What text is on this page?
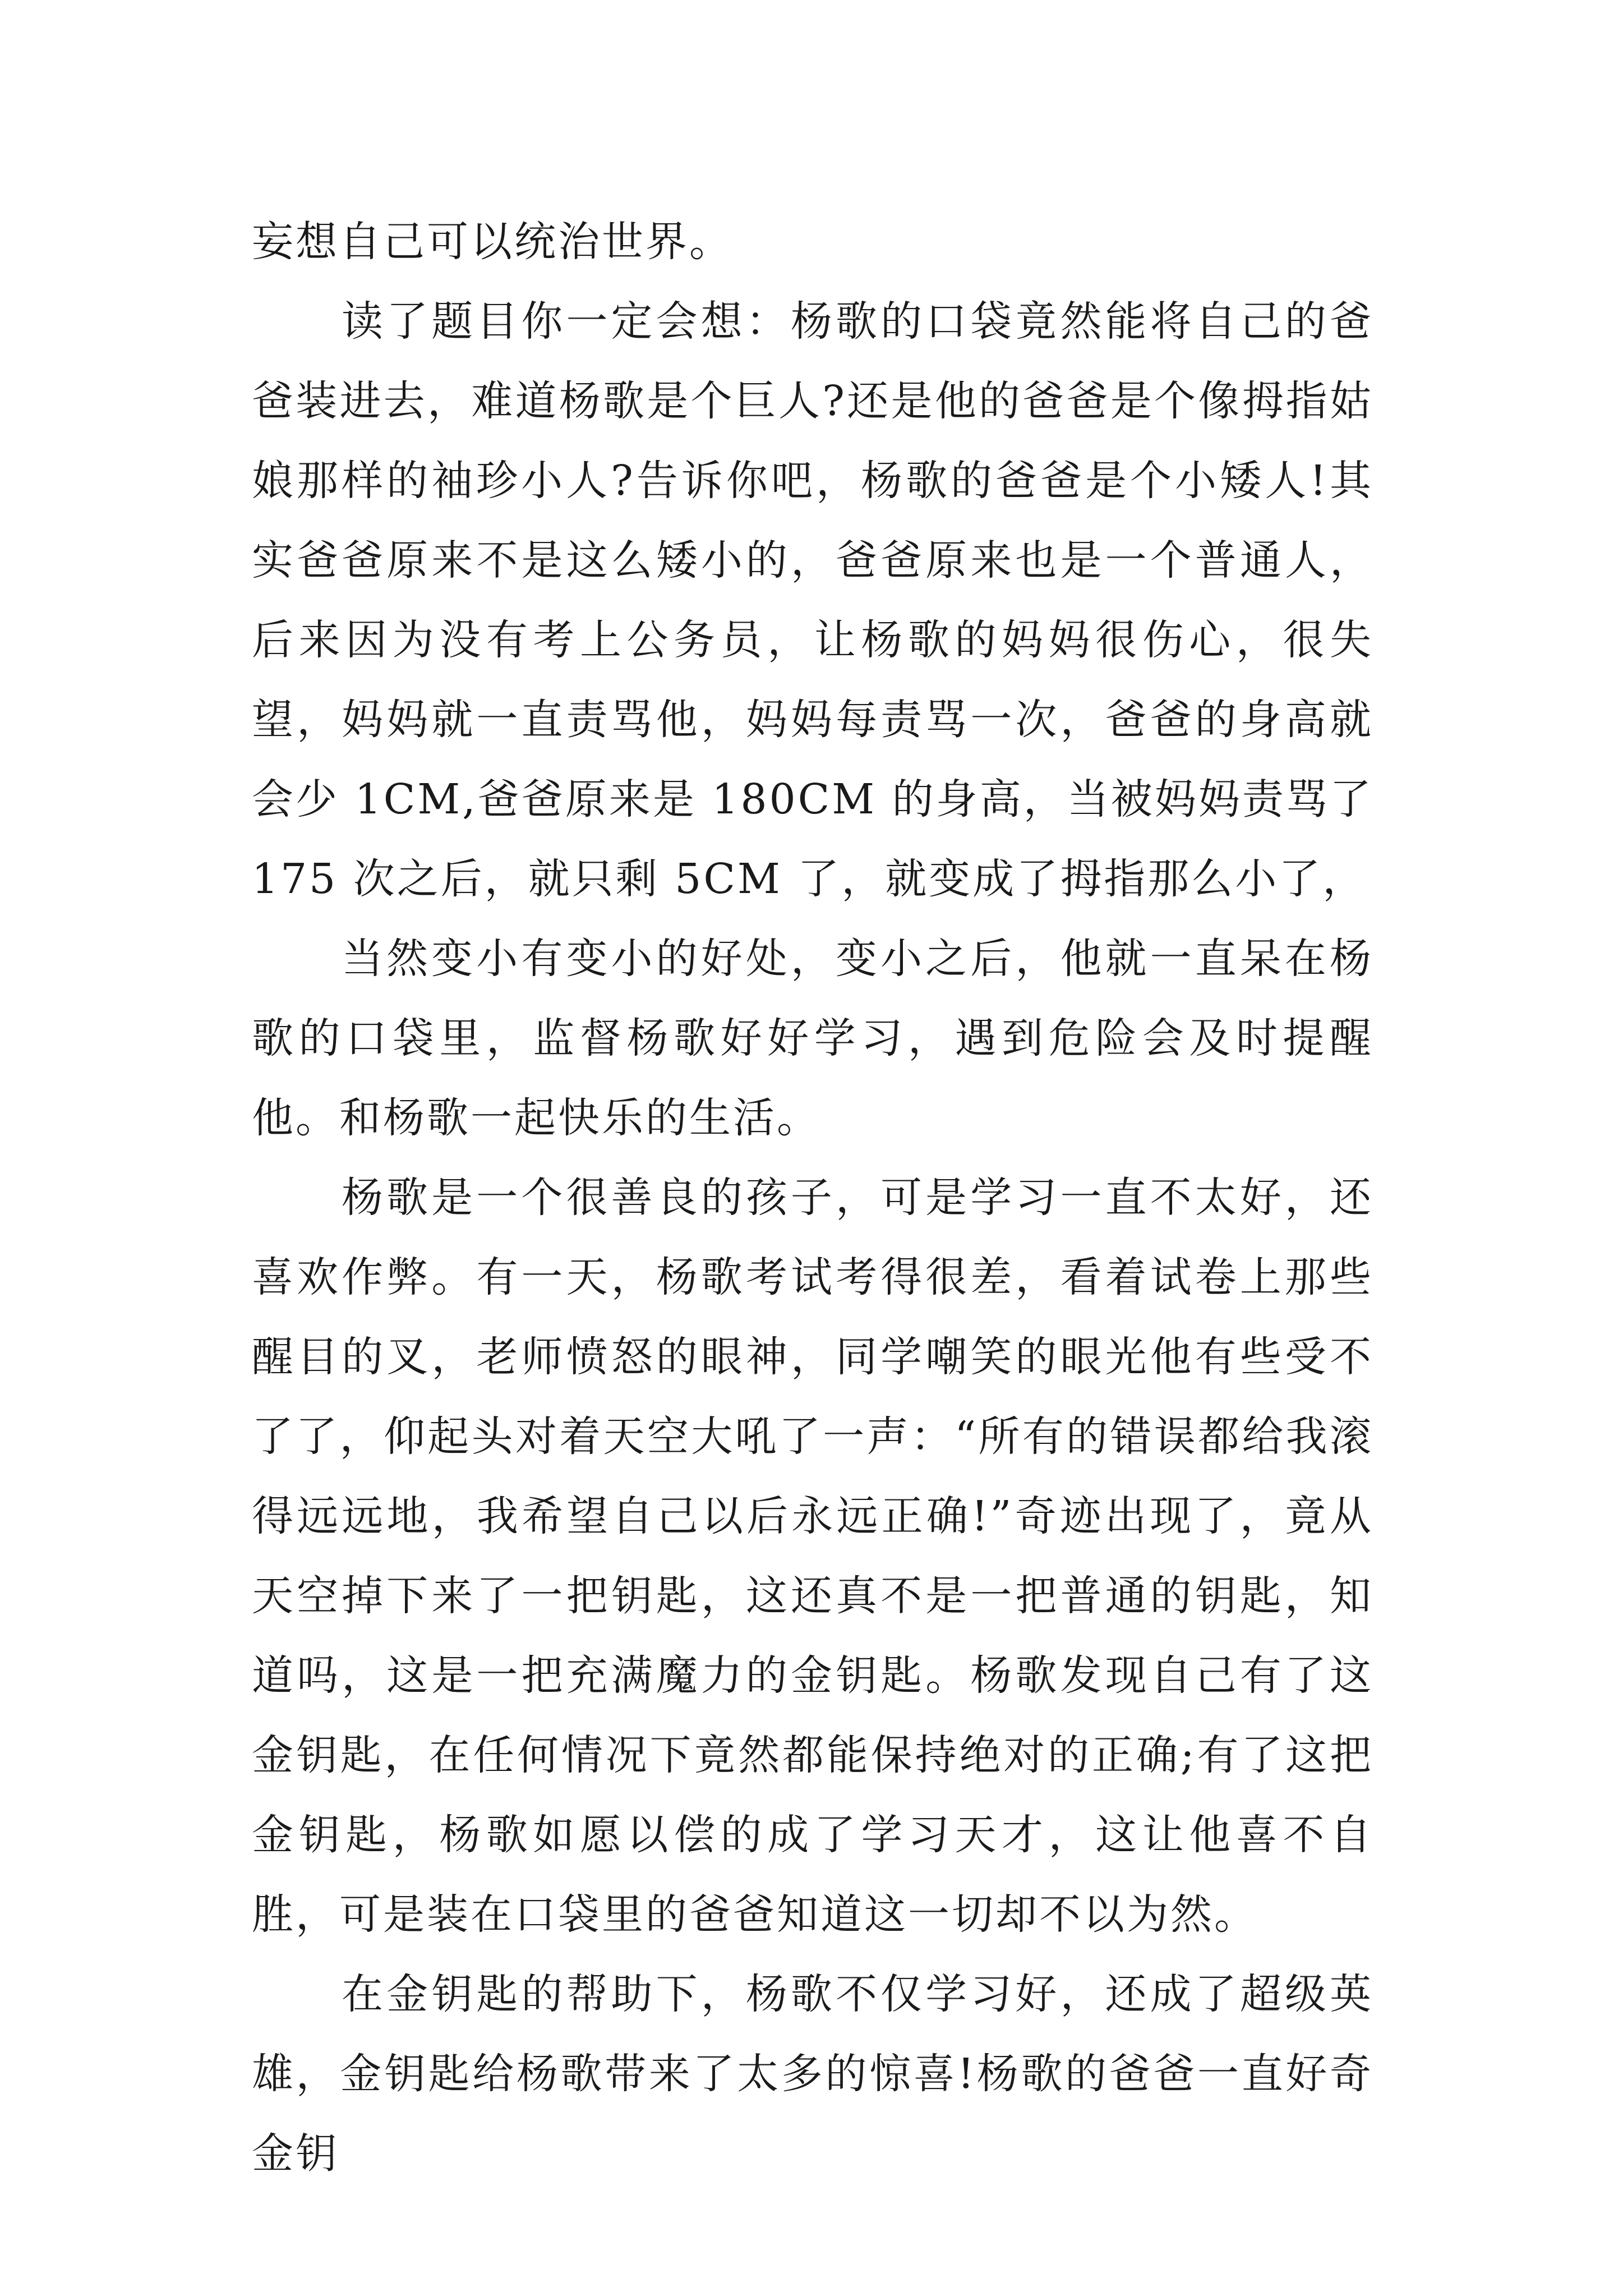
妄想自己可以统治世界。

读了题目你一定会想：杨歌的口袋竟然能将自己的爸爸装进去，难道杨歌是个巨人?还是他的爸爸是个像拇指姑娘那样的袖珍小人?告诉你吧，杨歌的爸爸是个小矮人!其实爸爸原来不是这么矮小的，爸爸原来也是一个普通人，后来因为没有考上公务员，让杨歌的妈妈很伤心，很失望，妈妈就一直责骂他，妈妈每责骂一次，爸爸的身高就会少 1CM,爸爸原来是 180CM 的身高，当被妈妈责骂了 175 次之后，就只剩 5CM 了，就变成了拇指那么小了，

当然变小有变小的好处，变小之后，他就一直呆在杨歌的口袋里，监督杨歌好好学习，遇到危险会及时提醒他。和杨歌一起快乐的生活。

杨歌是一个很善良的孩子，可是学习一直不太好，还喜欢作弊。有一天，杨歌考试考得很差，看着试卷上那些醒目的叉，老师愤怒的眼神，同学嘲笑的眼光他有些受不了了，仰起头对着天空大吼了一声：“所有的错误都给我滚得远远地，我希望自己以后永远正确!”奇迹出现了，竟从天空掉下来了一把钥匙，这还真不是一把普通的钥匙，知道吗，这是一把充满魔力的金钥匙。杨歌发现自己有了这金钥匙，在任何情况下竟然都能保持绝对的正确;有了这把金钥匙，杨歌如愿以偿的成了学习天才，这让他喜不自胜，可是装在口袋里的爸爸知道这一切却不以为然。

在金钥匙的帮助下，杨歌不仅学习好，还成了超级英雄，金钥匙给杨歌带来了太多的惊喜!杨歌的爸爸一直好奇金钥
